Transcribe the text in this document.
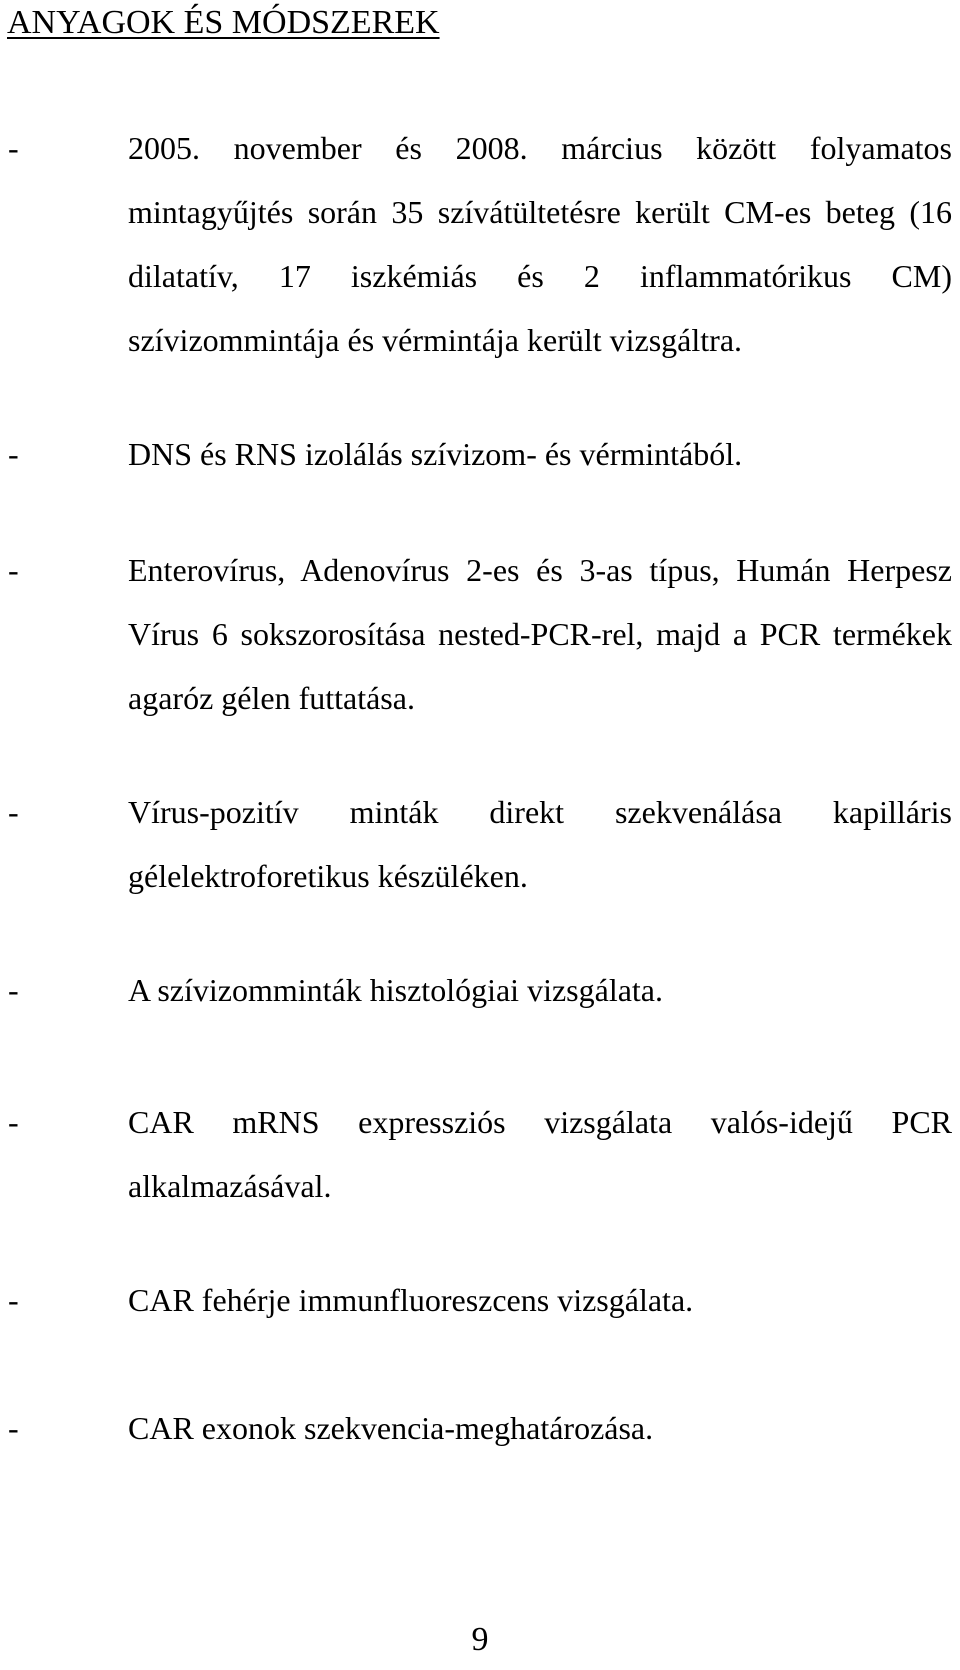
ANYAGOK ÉS MÓDSZEREK
-	2005. november és 2008. március között folyamatos mintagyűjtés során 35 szívátültetésre került CM-es beteg (16 dilatatív, 17 iszkémiás és 2 inflammatórikus CM) szívizommintája és vérmintája került vizsgáltra.
-	DNS és RNS izolálás szívizom- és vérmintából.
-	Enterovírus, Adenovírus 2-es és 3-as típus, Humán Herpesz Vírus 6 sokszorosítása nested-PCR-rel, majd a PCR termékek agaróz gélen futtatása.
-	Vírus-pozitív minták direkt szekvenálása kapilláris gélelektroforetikus készüléken.
-	A szívizomminták hisztológiai vizsgálata.
-	CAR mRNS expressziós vizsgálata valós-idejű PCR alkalmazásával.
-	CAR fehérje immunfluoreszcens vizsgálata.
-	CAR exonok szekvencia-meghatározása.
9
